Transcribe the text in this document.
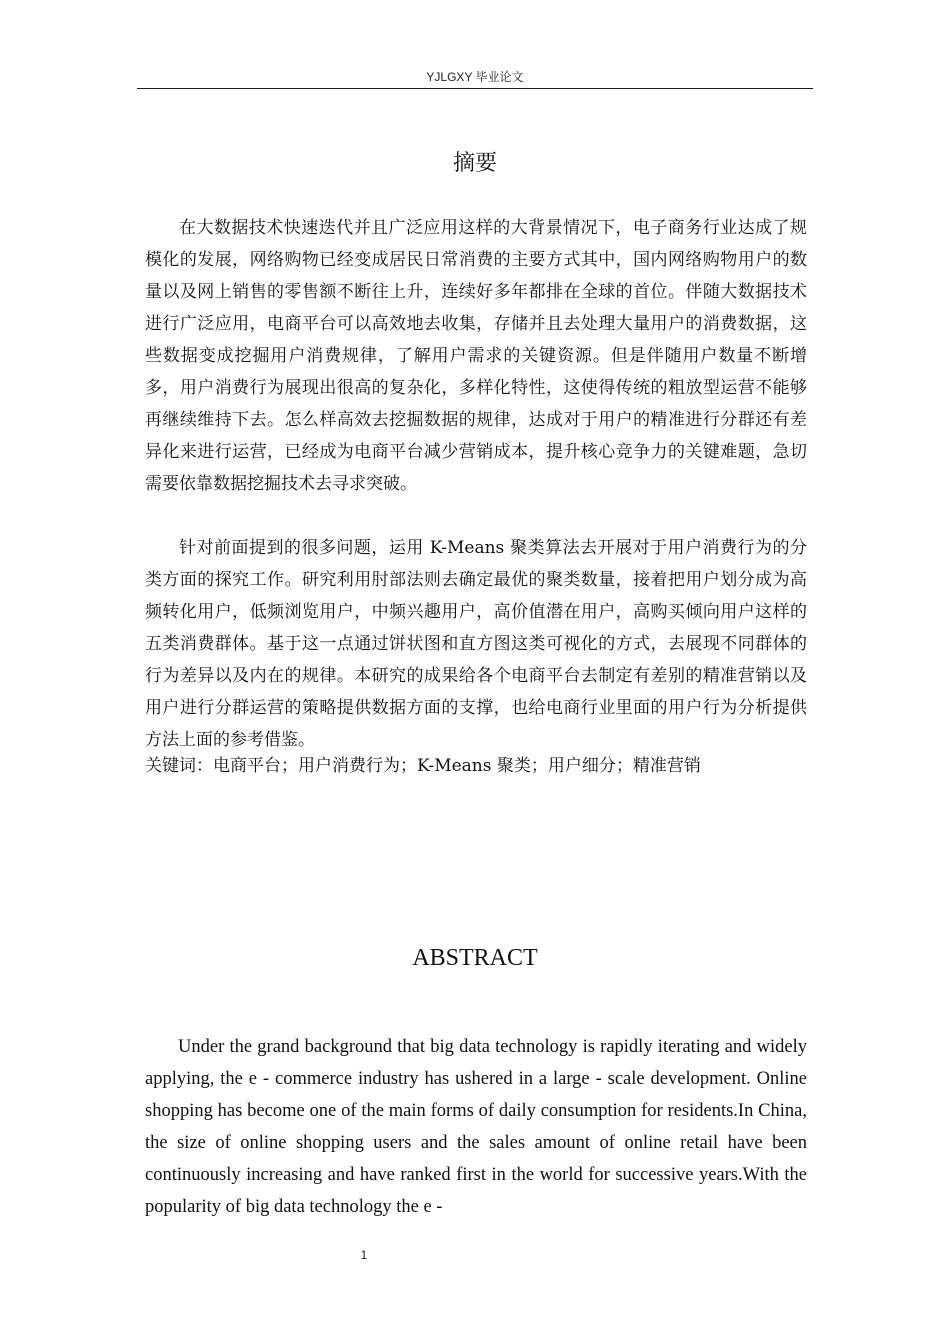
YJLGXY 毕业论文
摘要

在大数据技术快速迭代并且广泛应用这样的大背景情况下，电子商务行业达成了规模化的发展，网络购物已经变成居民日常消费的主要方式其中，国内网络购物用户的数量以及网上销售的零售额不断往上升，连续好多年都排在全球的首位。伴随大数据技术进行广泛应用，电商平台可以高效地去收集，存储并且去处理大量用户的消费数据，这些数据变成挖掘用户消费规律，了解用户需求的关键资源。但是伴随用户数量不断增多，用户消费行为展现出很高的复杂化，多样化特性，这使得传统的粗放型运营不能够再继续维持下去。怎么样高效去挖掘数据的规律，达成对于用户的精准进行分群还有差异化来进行运营，已经成为电商平台减少营销成本，提升核心竞争力的关键难题，急切需要依靠数据挖掘技术去寻求突破。

针对前面提到的很多问题，运用 K-Means 聚类算法去开展对于用户消费行为的分类方面的探究工作。研究利用肘部法则去确定最优的聚类数量，接着把用户划分成为高频转化用户，低频浏览用户，中频兴趣用户，高价值潜在用户，高购买倾向用户这样的五类消费群体。基于这一点通过饼状图和直方图这类可视化的方式，去展现不同群体的行为差异以及内在的规律。本研究的成果给各个电商平台去制定有差别的精准营销以及用户进行分群运营的策略提供数据方面的支撑，也给电商行业里面的用户行为分析提供方法上面的参考借鉴。

关键词：电商平台；用户消费行为；K-Means 聚类；用户细分；精准营销
ABSTRACT

Under the grand background that big data technology is rapidly iterating and widely applying, the e - commerce industry has ushered in a large - scale development. Online shopping has become one of the main forms of daily consumption for residents.In China, the size of online shopping users and the sales amount of online retail have been continuously increasing and have ranked first in the world for successive years.With the popularity of big data technology the e -

1
